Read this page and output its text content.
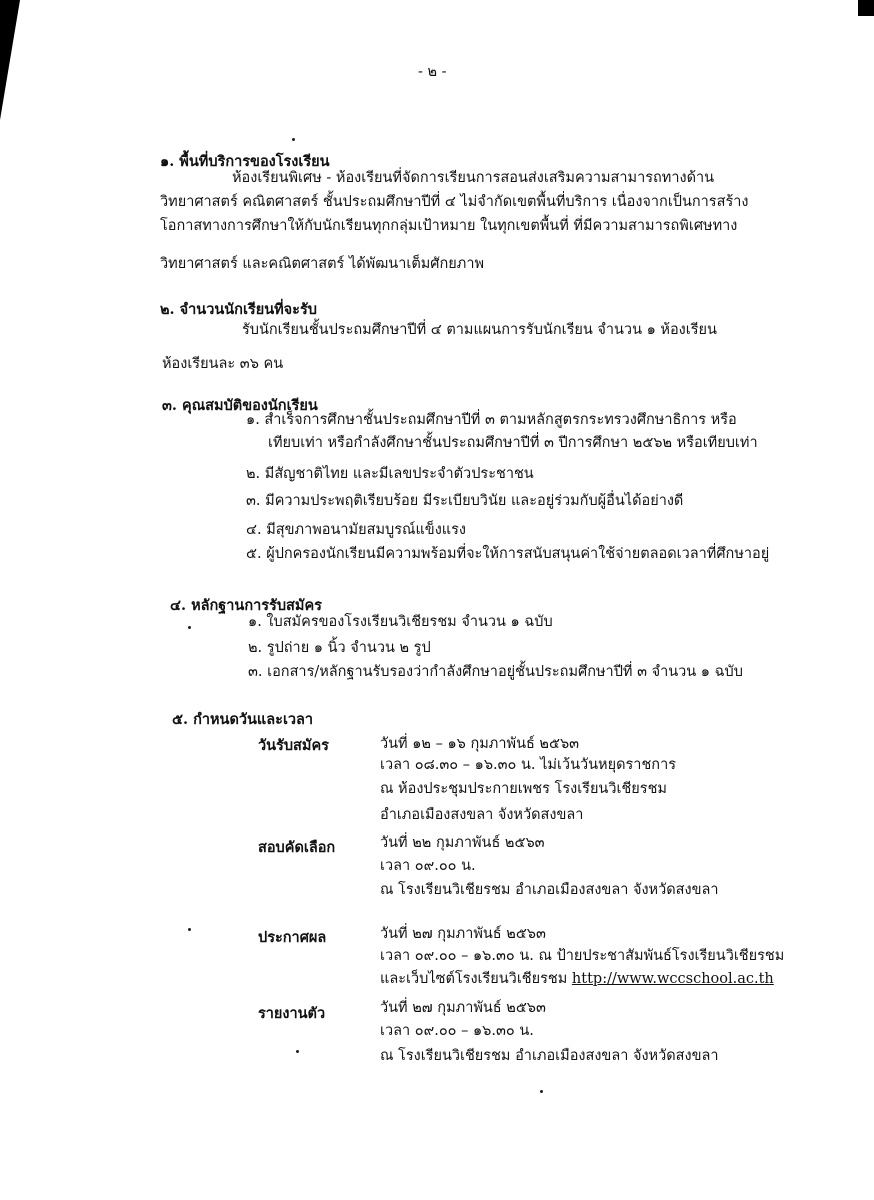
- ๒ -
๑. พื้นที่บริการของโรงเรียน
ห้องเรียนพิเศษ - ห้องเรียนที่จัดการเรียนการสอนส่งเสริมความสามารถทางด้าน
วิทยาศาสตร์ คณิตศาสตร์ ชั้นประถมศึกษาปีที่ ๔ ไม่จำกัดเขตพื้นที่บริการ เนื่องจากเป็นการสร้าง
โอกาสทางการศึกษาให้กับนักเรียนทุกกลุ่มเป้าหมาย ในทุกเขตพื้นที่ ที่มีความสามารถพิเศษทาง
วิทยาศาสตร์ และคณิตศาสตร์ ได้พัฒนาเต็มศักยภาพ
๒. จำนวนนักเรียนที่จะรับ
รับนักเรียนชั้นประถมศึกษาปีที่ ๔ ตามแผนการรับนักเรียน จำนวน ๑ ห้องเรียน
ห้องเรียนละ ๓๖ คน
๓. คุณสมบัติของนักเรียน
๑. สำเร็จการศึกษาชั้นประถมศึกษาปีที่ ๓ ตามหลักสูตรกระทรวงศึกษาธิการ หรือ
เทียบเท่า หรือกำลังศึกษาชั้นประถมศึกษาปีที่ ๓ ปีการศึกษา ๒๕๖๒ หรือเทียบเท่า
๒. มีสัญชาติไทย และมีเลขประจำตัวประชาชน
๓. มีความประพฤติเรียบร้อย มีระเบียบวินัย และอยู่ร่วมกับผู้อื่นได้อย่างดี
๔. มีสุขภาพอนามัยสมบูรณ์แข็งแรง
๕. ผู้ปกครองนักเรียนมีความพร้อมที่จะให้การสนับสนุนค่าใช้จ่ายตลอดเวลาที่ศึกษาอยู่
๔. หลักฐานการรับสมัคร
๑. ใบสมัครของโรงเรียนวิเชียรชม จำนวน ๑ ฉบับ
๒. รูปถ่าย ๑ นิ้ว จำนวน ๒ รูป
๓. เอกสาร/หลักฐานรับรองว่ากำลังศึกษาอยู่ชั้นประถมศึกษาปีที่ ๓ จำนวน ๑ ฉบับ
๕. กำหนดวันและเวลา
วันรับสมัคร	วันที่ ๑๒ – ๑๖ กุมภาพันธ์ ๒๕๖๓
เวลา ๐๘.๓๐ – ๑๖.๓๐ น. ไม่เว้นวันหยุดราชการ
ณ ห้องประชุมประกายเพชร โรงเรียนวิเชียรชม
อำเภอเมืองสงขลา จังหวัดสงขลา
สอบคัดเลือก	วันที่ ๒๒ กุมภาพันธ์ ๒๕๖๓
เวลา ๐๙.๐๐ น.
ณ โรงเรียนวิเชียรชม อำเภอเมืองสงขลา จังหวัดสงขลา
ประกาศผล	วันที่ ๒๗ กุมภาพันธ์ ๒๕๖๓
เวลา ๐๙.๐๐ – ๑๖.๓๐ น. ณ ป้ายประชาสัมพันธ์โรงเรียนวิเชียรชม
และเว็บไซต์โรงเรียนวิเชียรชม http://www.wccschool.ac.th
รายงานตัว	วันที่ ๒๗ กุมภาพันธ์ ๒๕๖๓
เวลา ๐๙.๐๐ – ๑๖.๓๐ น.
ณ โรงเรียนวิเชียรชม อำเภอเมืองสงขลา จังหวัดสงขลา
